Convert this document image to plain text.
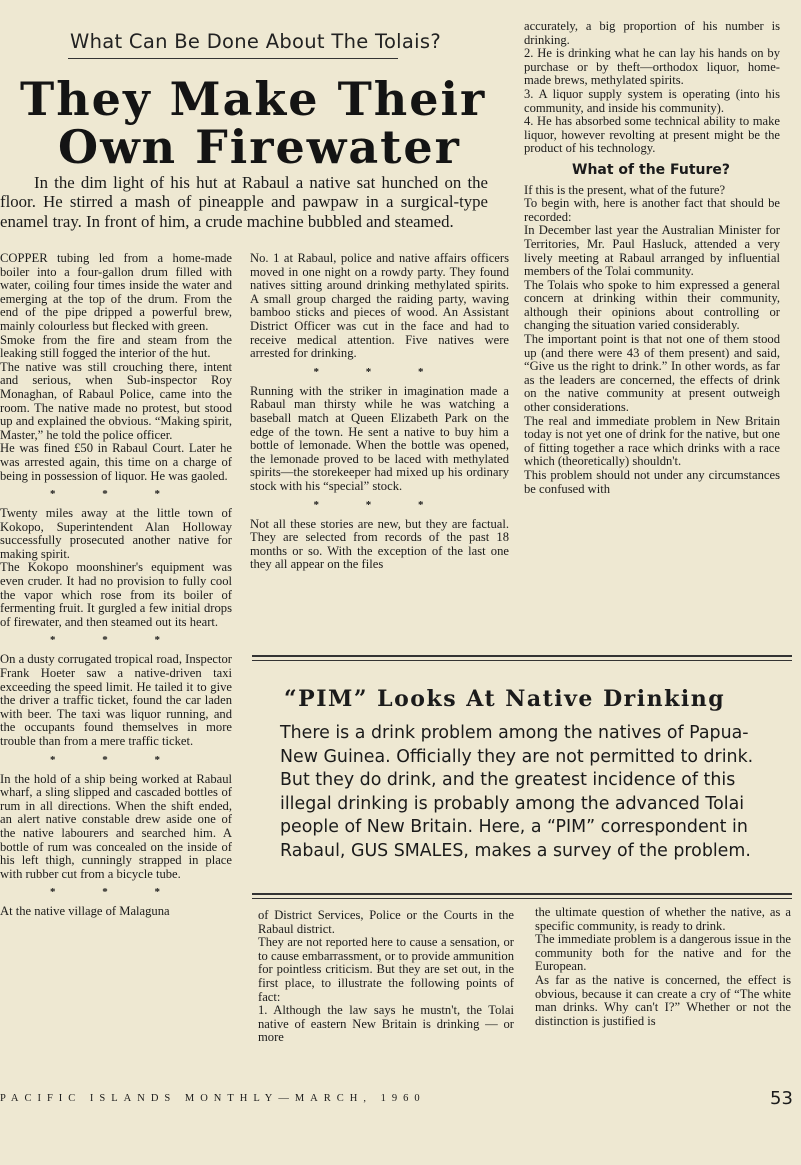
What Can Be Done About The Tolais?
They Make Their
Own Firewater
In the dim light of his hut at Rabaul a native sat hunched on the floor. He stirred a mash of pineapple and pawpaw in a surgical-type enamel tray. In front of him, a crude machine bubbled and steamed.

COPPER tubing led from a home-made boiler into a four-gallon drum filled with water, coiling four times inside the water and emerging at the top of the drum. From the end of the pipe dripped a powerful brew, mainly colourless but flecked with green.

Smoke from the fire and steam from the leaking still fogged the interior of the hut.

The native was still crouching there, intent and serious, when Sub-inspector Roy Monaghan, of Rabaul Police, came into the room. The native made no protest, but stood up and explained the obvious. “Making spirit, Master,” he told the police officer.

He was fined £50 in Rabaul Court. Later he was arrested again, this time on a charge of being in possession of liquor. He was gaoled.

* * *

Twenty miles away at the little town of Kokopo, Superintendent Alan Holloway successfully prosecuted another native for making spirit.

The Kokopo moonshiner's equipment was even cruder. It had no provision to fully cool the vapor which rose from its boiler of fermenting fruit. It gurgled a few initial drops of firewater, and then steamed out its heart.

* * *

On a dusty corrugated tropical road, Inspector Frank Hoeter saw a native-driven taxi exceeding the speed limit. He tailed it to give the driver a traffic ticket, found the car laden with beer. The taxi was liquor running, and the occupants found themselves in more trouble than from a mere traffic ticket.

* * *

In the hold of a ship being worked at Rabaul wharf, a sling slipped and cascaded bottles of rum in all directions. When the shift ended, an alert native constable drew aside one of the native labourers and searched him. A bottle of rum was concealed on the inside of his left thigh, cunningly strapped in place with rubber cut from a bicycle tube.

* * *

At the native village of Malaguna

No. 1 at Rabaul, police and native affairs officers moved in one night on a rowdy party. They found natives sitting around drinking methylated spirits. A small group charged the raiding party, waving bamboo sticks and pieces of wood. An Assistant District Officer was cut in the face and had to receive medical attention. Five natives were arrested for drinking.

* * *

Running with the striker in imagination made a Rabaul man thirsty while he was watching a baseball match at Queen Elizabeth Park on the edge of the town. He sent a native to buy him a bottle of lemonade. When the bottle was opened, the lemonade proved to be laced with methylated spirits—the storekeeper had mixed up his ordinary stock with his “special” stock.

* * *

Not all these stories are new, but they are factual. They are selected from records of the past 18 months or so. With the exception of the last one they all appear on the files

accurately, a big proportion of his number is drinking.

2. He is drinking what he can lay his hands on by purchase or by theft—orthodox liquor, home-made brews, methylated spirits.

3. A liquor supply system is operating (into his community, and inside his community).

4. He has absorbed some technical ability to make liquor, however revolting at present might be the product of his technology.

What of the Future?

If this is the present, what of the future?

To begin with, here is another fact that should be recorded:

In December last year the Australian Minister for Territories, Mr. Paul Hasluck, attended a very lively meeting at Rabaul arranged by influential members of the Tolai community.

The Tolais who spoke to him expressed a general concern at drinking within their community, although their opinions about controlling or changing the situation varied considerably.

The important point is that not one of them stood up (and there were 43 of them present) and said, “Give us the right to drink.” In other words, as far as the leaders are concerned, the effects of drink on the native community at present outweigh other considerations.

The real and immediate problem in New Britain today is not yet one of drink for the native, but one of fitting together a race which drinks with a race which (theoretically) shouldn't.

This problem should not under any circumstances be confused with

“PIM” Looks At Native Drinking
There is a drink problem among the natives of Papua-New Guinea. Officially they are not permitted to drink. But they do drink, and the greatest incidence of this illegal drinking is probably among the advanced Tolai people of New Britain. Here, a “PIM” correspondent in Rabaul, GUS SMALES, makes a survey of the problem.

of District Services, Police or the Courts in the Rabaul district.

They are not reported here to cause a sensation, or to cause embarrassment, or to provide ammunition for pointless criticism. But they are set out, in the first place, to illustrate the following points of fact:

1. Although the law says he mustn't, the Tolai native of eastern New Britain is drinking — or more

the ultimate question of whether the native, as a specific community, is ready to drink.

The immediate problem is a dangerous issue in the community both for the native and for the European.

As far as the native is concerned, the effect is obvious, because it can create a cry of “The white man drinks. Why can't I?” Whether or not the distinction is justified is

PACIFIC ISLANDS MONTHLY—MARCH, 1960	53
